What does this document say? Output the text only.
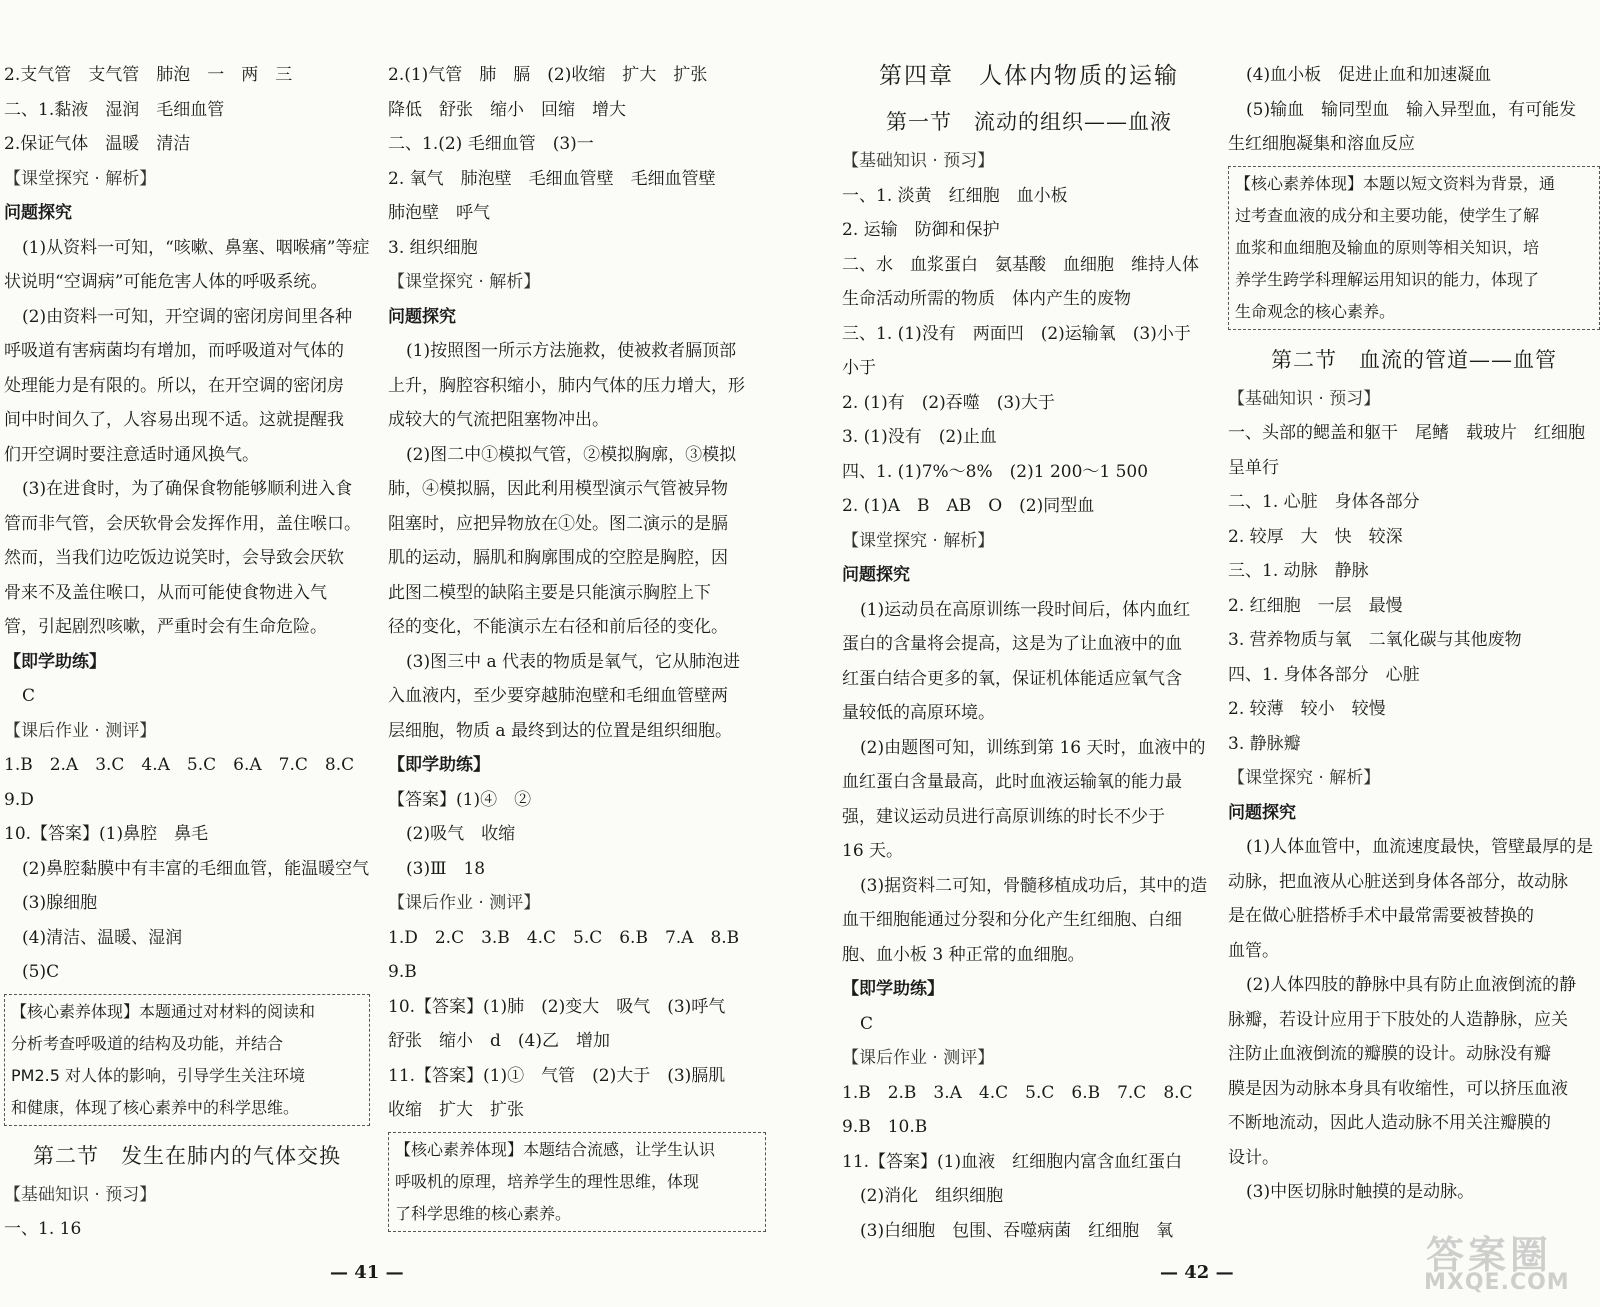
2.支气管　支气管　肺泡　一　两　三
二、1.黏液　湿润　毛细血管
2.保证气体　温暖　清洁
【课堂探究 · 解析】
问题探究
(1)从资料一可知，“咳嗽、鼻塞、咽喉痛”等症
状说明“空调病”可能危害人体的呼吸系统。
(2)由资料一可知，开空调的密闭房间里各种
呼吸道有害病菌均有增加，而呼吸道对气体的
处理能力是有限的。所以，在开空调的密闭房
间中时间久了，人容易出现不适。这就提醒我
们开空调时要注意适时通风换气。
(3)在进食时，为了确保食物能够顺利进入食
管而非气管，会厌软骨会发挥作用，盖住喉口。
然而，当我们边吃饭边说笑时，会导致会厌软
骨来不及盖住喉口，从而可能使食物进入气
管，引起剧烈咳嗽，严重时会有生命危险。
【即学助练】
C
【课后作业 · 测评】
1.B　2.A　3.C　4.A　5.C　6.A　7.C　8.C
9.D
10.【答案】(1)鼻腔　鼻毛
(2)鼻腔黏膜中有丰富的毛细血管，能温暖空气
(3)腺细胞
(4)清洁、温暖、湿润
(5)C
【核心素养体现】本题通过对材料的阅读和
分析考查呼吸道的结构及功能，并结合
PM2.5 对人体的影响，引导学生关注环境
和健康，体现了核心素养中的科学思维。
第二节　发生在肺内的气体交换
【基础知识 · 预习】
一、1. 16
2.(1)气管　肺　膈　(2)收缩　扩大　扩张
降低　舒张　缩小　回缩　增大
二、1.(2) 毛细血管　(3)一
2. 氧气　肺泡壁　毛细血管壁　毛细血管壁
肺泡壁　呼气
3. 组织细胞
【课堂探究 · 解析】
问题探究
(1)按照图一所示方法施救，使被救者膈顶部
上升，胸腔容积缩小，肺内气体的压力增大，形
成较大的气流把阻塞物冲出。
(2)图二中①模拟气管，②模拟胸廓，③模拟
肺，④模拟膈，因此利用模型演示气管被异物
阻塞时，应把异物放在①处。图二演示的是膈
肌的运动，膈肌和胸廓围成的空腔是胸腔，因
此图二模型的缺陷主要是只能演示胸腔上下
径的变化，不能演示左右径和前后径的变化。
(3)图三中 a 代表的物质是氧气，它从肺泡进
入血液内，至少要穿越肺泡壁和毛细血管壁两
层细胞，物质 a 最终到达的位置是组织细胞。
【即学助练】
【答案】(1)④　②
(2)吸气　收缩
(3)Ⅲ　18
【课后作业 · 测评】
1.D　2.C　3.B　4.C　5.C　6.B　7.A　8.B
9.B
10.【答案】(1)肺　(2)变大　吸气　(3)呼气
舒张　缩小　d　(4)乙　增加
11.【答案】(1)①　气管　(2)大于　(3)膈肌
收缩　扩大　扩张
【核心素养体现】本题结合流感，让学生认识
呼吸机的原理，培养学生的理性思维，体现
了科学思维的核心素养。
第四章　人体内物质的运输
第一节　流动的组织——血液
【基础知识 · 预习】
一、1. 淡黄　红细胞　血小板
2. 运输　防御和保护
二、水　血浆蛋白　氨基酸　血细胞　维持人体
生命活动所需的物质　体内产生的废物
三、1. (1)没有　两面凹　(2)运输氧　(3)小于
小于
2. (1)有　(2)吞噬　(3)大于
3. (1)没有　(2)止血
四、1. (1)7%～8%　(2)1 200～1 500
2. (1)A　B　AB　O　(2)同型血
【课堂探究 · 解析】
问题探究
(1)运动员在高原训练一段时间后，体内血红
蛋白的含量将会提高，这是为了让血液中的血
红蛋白结合更多的氧，保证机体能适应氧气含
量较低的高原环境。
(2)由题图可知，训练到第 16 天时，血液中的
血红蛋白含量最高，此时血液运输氧的能力最
强，建议运动员进行高原训练的时长不少于
16 天。
(3)据资料二可知，骨髓移植成功后，其中的造
血干细胞能通过分裂和分化产生红细胞、白细
胞、血小板 3 种正常的血细胞。
【即学助练】
C
【课后作业 · 测评】
1.B　2.B　3.A　4.C　5.C　6.B　7.C　8.C
9.B　10.B
11.【答案】(1)血液　红细胞内富含血红蛋白
(2)消化　组织细胞
(3)白细胞　包围、吞噬病菌　红细胞　氧
(4)血小板　促进止血和加速凝血
(5)输血　输同型血　输入异型血，有可能发
生红细胞凝集和溶血反应
【核心素养体现】本题以短文资料为背景，通
过考查血液的成分和主要功能，使学生了解
血浆和血细胞及输血的原则等相关知识，培
养学生跨学科理解运用知识的能力，体现了
生命观念的核心素养。
第二节　血流的管道——血管
【基础知识 · 预习】
一、头部的鳃盖和躯干　尾鳍　载玻片　红细胞
呈单行
二、1. 心脏　身体各部分
2. 较厚　大　快　较深
三、1. 动脉　静脉
2. 红细胞　一层　最慢
3. 营养物质与氧　二氧化碳与其他废物
四、1. 身体各部分　心脏
2. 较薄　较小　较慢
3. 静脉瓣
【课堂探究 · 解析】
问题探究
(1)人体血管中，血流速度最快，管壁最厚的是
动脉，把血液从心脏送到身体各部分，故动脉
是在做心脏搭桥手术中最常需要被替换的
血管。
(2)人体四肢的静脉中具有防止血液倒流的静
脉瓣，若设计应用于下肢处的人造静脉，应关
注防止血液倒流的瓣膜的设计。动脉没有瓣
膜是因为动脉本身具有收缩性，可以挤压血液
不断地流动，因此人造动脉不用关注瓣膜的
设计。
(3)中医切脉时触摸的是动脉。
— 41 —	— 42 —	答案圈
MXQE.COM
